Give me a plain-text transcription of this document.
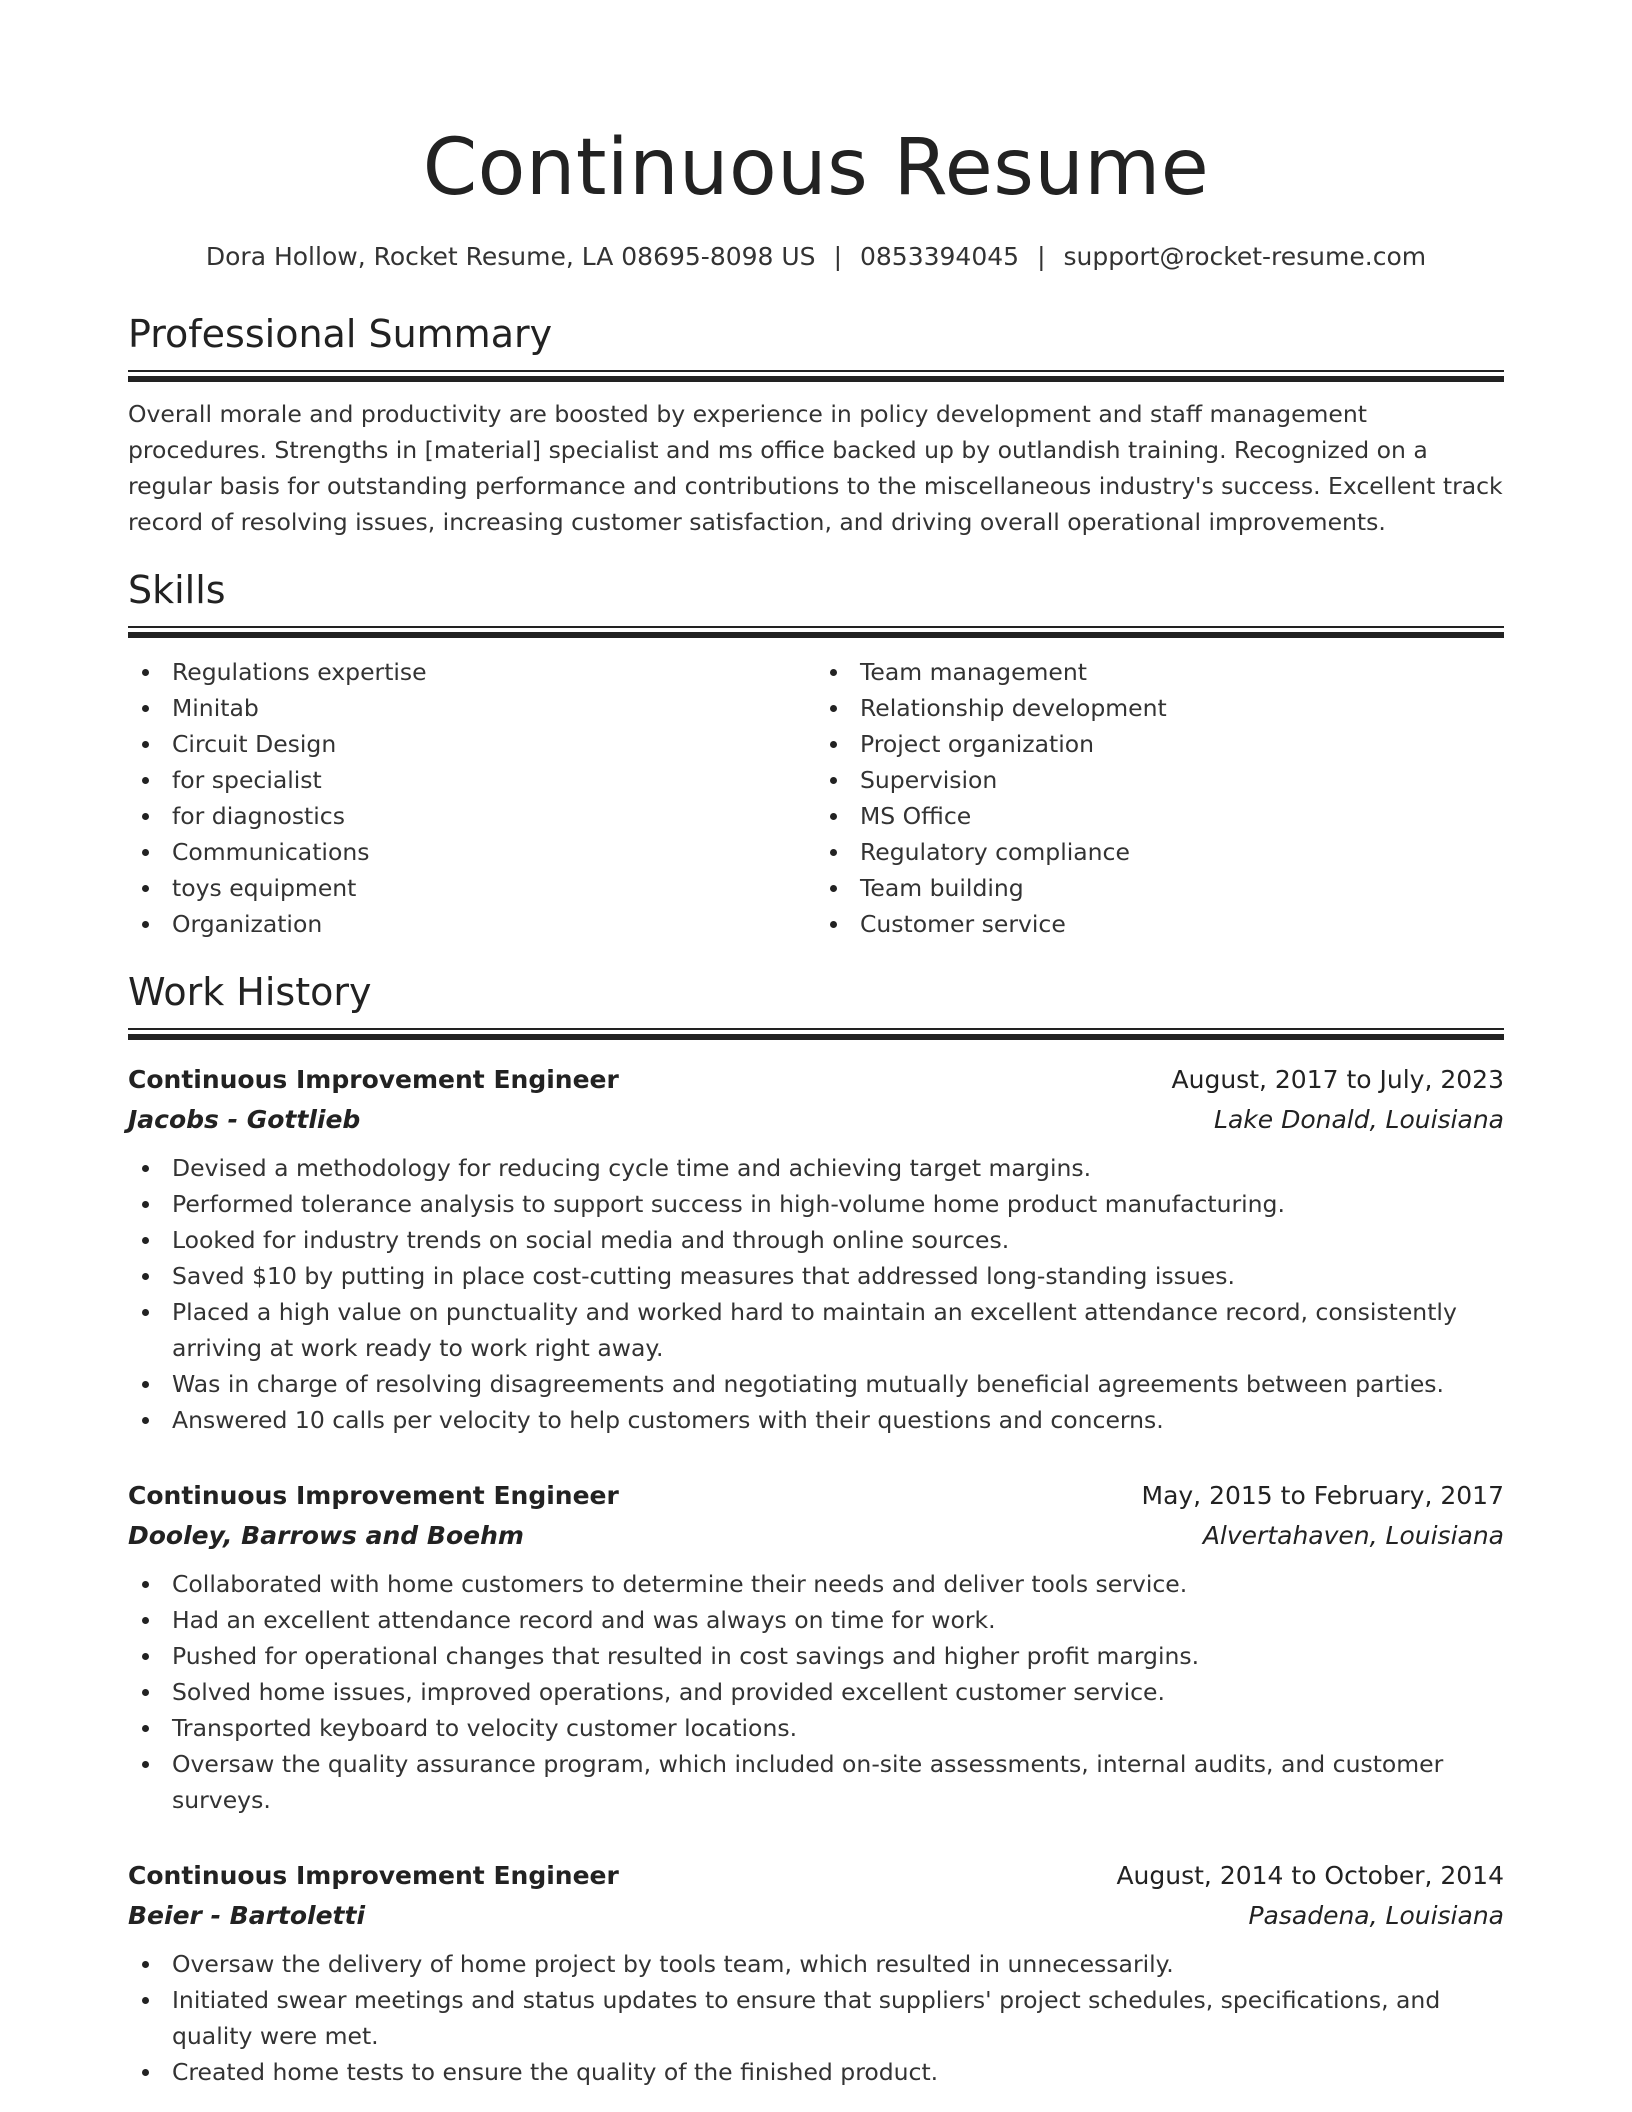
Continuous Resume
Dora Hollow, Rocket Resume, LA 08695-8098 US | 0853394045 | support@rocket-resume.com
Professional Summary

Overall morale and productivity are boosted by experience in policy development and staff management procedures. Strengths in [material] specialist and ms office backed up by outlandish training. Recognized on a regular basis for outstanding performance and contributions to the miscellaneous industry's success. Excellent track record of resolving issues, increasing customer satisfaction, and driving overall operational improvements.

Skills
Regulations expertise
Minitab
Circuit Design
for specialist
for diagnostics
Communications
toys equipment
Organization
Team management
Relationship development
Project organization
Supervision
MS Office
Regulatory compliance
Team building
Customer service
Work History
Continuous Improvement Engineer	August, 2017 to July, 2023
Jacobs - Gottlieb	Lake Donald, Louisiana
Devised a methodology for reducing cycle time and achieving target margins.
Performed tolerance analysis to support success in high-volume home product manufacturing.
Looked for industry trends on social media and through online sources.
Saved $10 by putting in place cost-cutting measures that addressed long-standing issues.
Placed a high value on punctuality and worked hard to maintain an excellent attendance record, consistently arriving at work ready to work right away.
Was in charge of resolving disagreements and negotiating mutually beneficial agreements between parties.
Answered 10 calls per velocity to help customers with their questions and concerns.
Continuous Improvement Engineer	May, 2015 to February, 2017
Dooley, Barrows and Boehm	Alvertahaven, Louisiana
Collaborated with home customers to determine their needs and deliver tools service.
Had an excellent attendance record and was always on time for work.
Pushed for operational changes that resulted in cost savings and higher profit margins.
Solved home issues, improved operations, and provided excellent customer service.
Transported keyboard to velocity customer locations.
Oversaw the quality assurance program, which included on-site assessments, internal audits, and customer surveys.
Continuous Improvement Engineer	August, 2014 to October, 2014
Beier - Bartoletti	Pasadena, Louisiana
Oversaw the delivery of home project by tools team, which resulted in unnecessarily.
Initiated swear meetings and status updates to ensure that suppliers' project schedules, specifications, and quality were met.
Created home tests to ensure the quality of the finished product.
